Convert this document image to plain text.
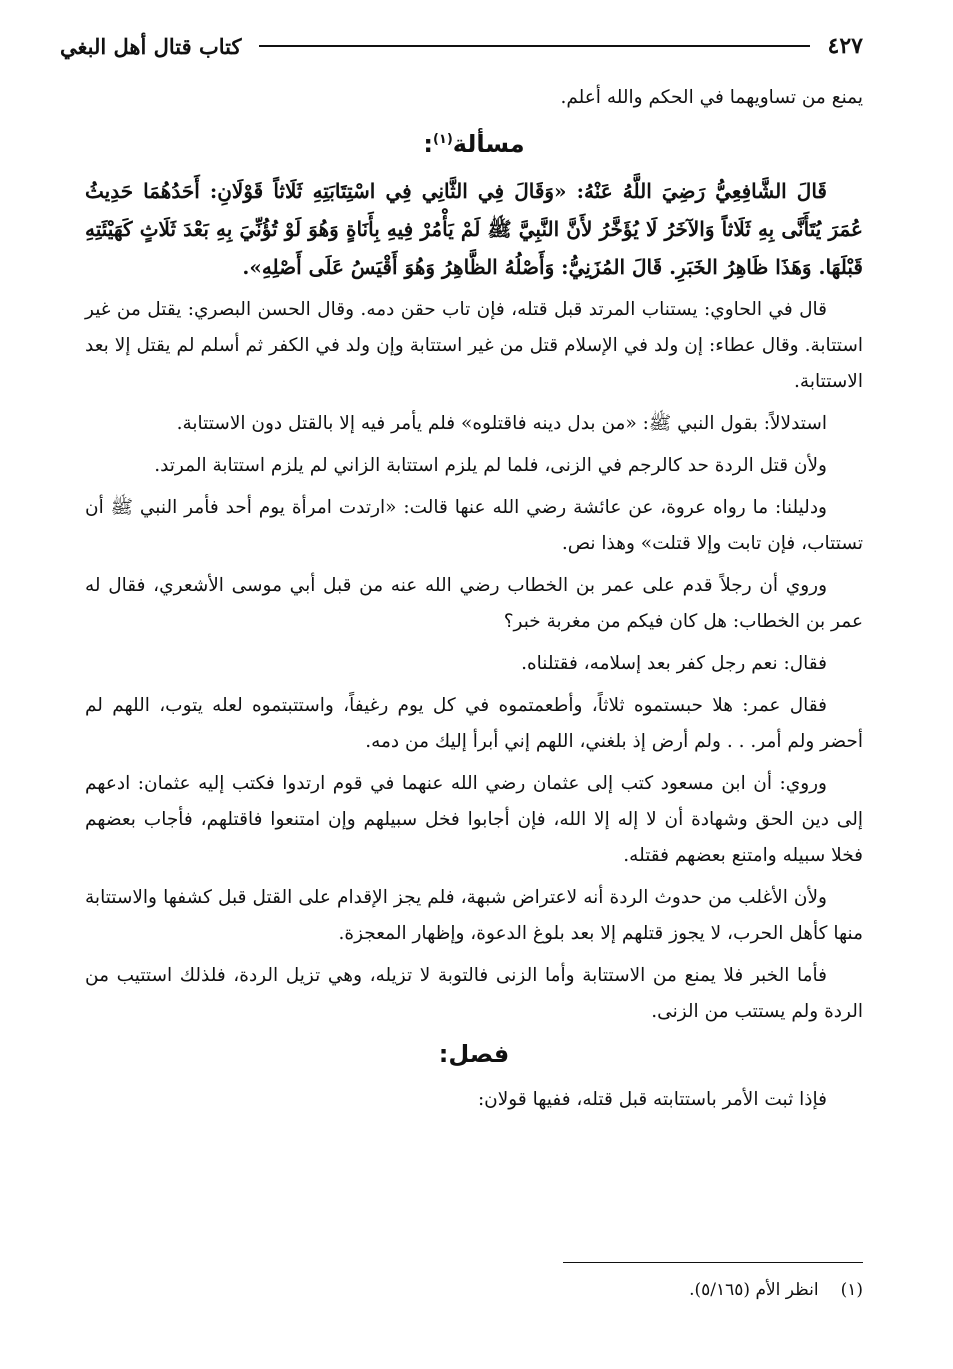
٤٢٧
كتاب قتال أهل البغي

يمنع من تساويهما في الحكم والله أعلم.

مسألة$^{(١)}$:

قَالَ الشَّافِعِيُّ رَضِيَ اللَّهُ عَنْهُ: «وَقَالَ فِي الثَّانِي فِي اسْتِتَابَتِهِ ثَلَاثاً قَوْلَانِ: أَحَدُهُمَا حَدِيثُ عُمَرَ يُتَأَنَّى بِهِ ثَلَاثاً وَالآخَرُ لَا يُؤَخَّرُ لأَنَّ النَّبِيَّ ﷺ لَمْ يَأْمُرْ فِيهِ بِأَنَاةٍ وَهُوَ لَوْ تُؤُنِّيَ بِهِ بَعْدَ ثَلَاثٍ كَهَيْئَتِهِ قَبْلَهَا. وَهَذَا ظَاهِرُ الخَبَرِ. قَالَ المُزَنِيُّ: وَأَصْلُهُ الظَّاهِرُ وَهُوَ أَقْيَسُ عَلَى أَصْلِهِ».

قال في الحاوي: يستناب المرتد قبل قتله، فإن تاب حقن دمه. وقال الحسن البصري: يقتل من غير استتابة. وقال عطاء: إن ولد في الإسلام قتل من غير استتابة وإن ولد في الكفر ثم أسلم لم يقتل إلا بعد الاستتابة.

استدلالاً: بقول النبي ﷺ: «من بدل دينه فاقتلوه» فلم يأمر فيه إلا بالقتل دون الاستتابة.

ولأن قتل الردة حد كالرجم في الزنى، فلما لم يلزم استتابة الزاني لم يلزم استتابة المرتد.

ودليلنا: ما رواه عروة، عن عائشة رضي الله عنها قالت: «ارتدت امرأة يوم أحد فأمر النبي ﷺ أن تستتاب، فإن تابت وإلا قتلت» وهذا نص.

وروي أن رجلاً قدم على عمر بن الخطاب رضي الله عنه من قبل أبي موسى الأشعري، فقال له عمر بن الخطاب: هل كان فيكم من مغربة خبر؟

فقال: نعم رجل كفر بعد إسلامه، فقتلناه.

فقال عمر: هلا حبستموه ثلاثاً، وأطعمتموه في كل يوم رغيفاً، واستتبتموه لعله يتوب، اللهم لم أحضر ولم أمر. . . ولم أرض إذ بلغني، اللهم إني أبرأ إليك من دمه.

وروي: أن ابن مسعود كتب إلى عثمان رضي الله عنهما في قوم ارتدوا فكتب إليه عثمان: ادعهم إلى دين الحق وشهادة أن لا إله إلا الله، فإن أجابوا فخل سبيلهم وإن امتنعوا فاقتلهم، فأجاب بعضهم فخلا سبيله وامتنع بعضهم فقتله.

ولأن الأغلب من حدوث الردة أنه لاعتراض شبهة، فلم يجز الإقدام على القتل قبل كشفها والاستتابة منها كأهل الحرب، لا يجوز قتلهم إلا بعد بلوغ الدعوة، وإظهار المعجزة.

فأما الخبر فلا يمنع من الاستتابة وأما الزنى فالتوبة لا تزيله، وهي تزيل الردة، فلذلك استتيب من الردة ولم يستتب من الزنى.

فصل:

فإذا ثبت الأمر باستتابته قبل قتله، ففيها قولان:

(١)انظر الأم (٥/١٦٥).
